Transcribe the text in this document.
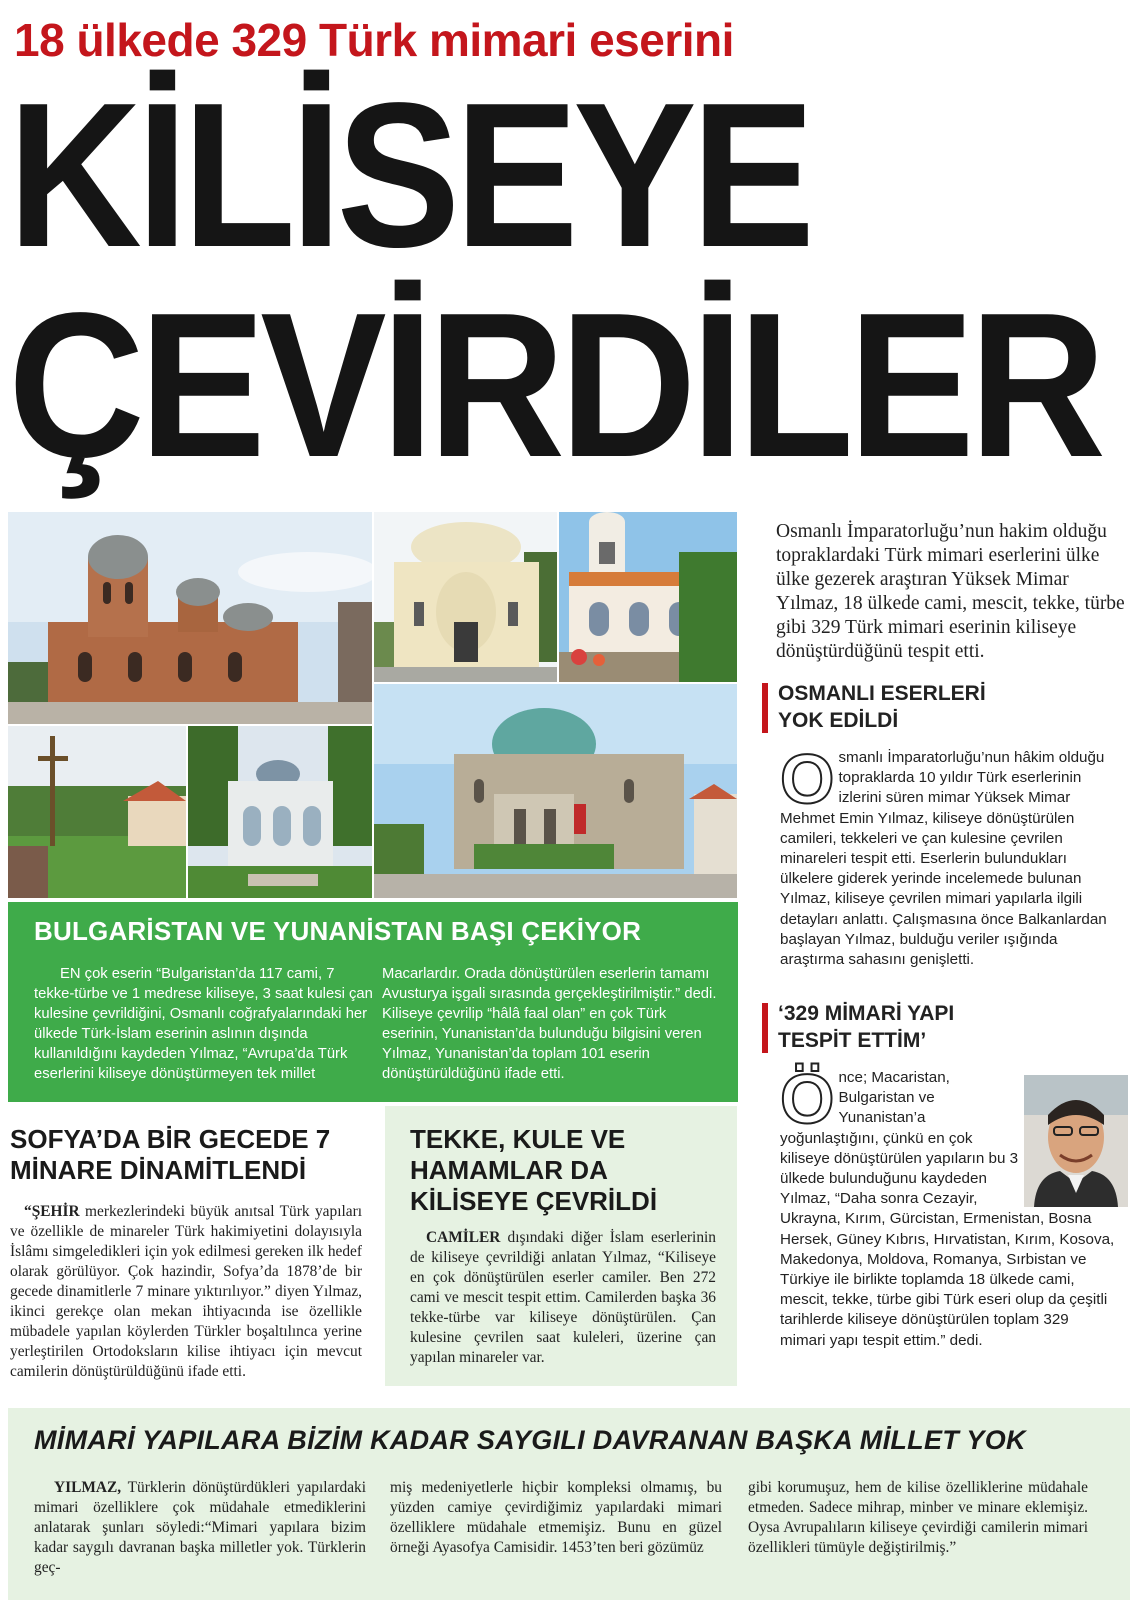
18 ülkede 329 Türk mimari eserini
KİLİSEYE
ÇEVİRDİLER
Osmanlı İmparatorluğu’nun hakim olduğu topraklardaki Türk mimari eserlerini ülke ülke gezerek araştıran Yüksek Mimar Yılmaz, 18 ülkede cami, mescit, tekke, türbe gibi 329 Türk mimari eserinin kiliseye dönüştürdüğünü tespit etti.
OSMANLI ESERLERİ
YOK EDİLDİ
Osmanlı İmparatorluğu’nun hâkim olduğu topraklarda 10 yıldır Türk eserlerinin izlerini süren mimar Yüksek Mimar Mehmet Emin Yılmaz, kiliseye dönüştürülen camileri, tekkeleri ve çan kulesine çevrilen minareleri tespit etti. Eserlerin bulundukları ülkelere giderek yerinde incelemede bulunan Yılmaz, kiliseye çevrilen mimari yapılarla ilgili detayları anlattı. Çalışmasına önce Balkanlardan başlayan Yılmaz, bulduğu veriler ışığında araştırma sahasını genişletti.
‘329 MİMARİ YAPI
TESPİT ETTİM’
Önce; Macaristan, Bulgaristan ve Yunanistan’a yoğunlaştığını, çünkü en çok kiliseye dönüştürülen yapıların bu 3 ülkede bulunduğunu kaydeden Yılmaz, “Daha sonra Cezayir, Ukrayna, Kırım, Gürcistan, Ermenistan, Bosna Hersek, Güney Kıbrıs, Hırvatistan, Kırım, Kosova, Makedonya, Moldova, Romanya, Sırbistan ve Türkiye ile birlikte toplamda 18 ülkede cami, mescit, tekke, türbe gibi Türk eseri olup da çeşitli tarihlerde kiliseye dönüştürülen toplam 329 mimari yapı tespit ettim.” dedi.
BULGARİSTAN VE YUNANİSTAN BAŞI ÇEKİYOR
EN çok eserin “Bulgaristan’da 117 cami, 7 tekke-türbe ve 1 medrese kiliseye, 3 saat kulesi çan kulesine çevrildiğini, Osmanlı coğrafyalarındaki her ülkede Türk-İslam eserinin aslının dışında kullanıldığını kaydeden Yılmaz, “Avrupa’da Türk eserlerini kiliseye dönüştürmeyen tek millet
Macarlardır. Orada dönüştürülen eserlerin tamamı Avusturya işgali sırasında gerçekleştirilmiştir.” dedi. Kiliseye çevrilip “hâlâ faal olan” en çok Türk eserinin, Yunanistan’da bulunduğu bilgisini veren Yılmaz, Yunanistan’da toplam 101 eserin dönüştürüldüğünü ifade etti.
SOFYA’DA BİR GECEDE 7
MİNARE DİNAMİTLENDİ
“ŞEHİR merkezlerindeki büyük anıtsal Türk yapıları ve özellikle de minareler Türk hakimiyetini dolayısıyla İslâmı simgeledikleri için yok edilmesi gereken ilk hedef olarak görülüyor. Çok hazindir, Sofya’da 1878’de bir gecede dinamitlerle 7 minare yıktırılıyor.” diyen Yılmaz, ikinci gerekçe olan mekan ihtiyacında ise özellikle mübadele yapılan köylerden Türkler boşaltılınca yerine yerleştirilen Ortodoksların kilise ihtiyacı için mevcut camilerin dönüştürüldüğünü ifade etti.
TEKKE, KULE VE
HAMAMLAR DA
KİLİSEYE ÇEVRİLDİ
CAMİLER dışındaki diğer İslam eserlerinin de kiliseye çevrildiği anlatan Yılmaz, “Kiliseye en çok dönüştürülen eserler camiler. Ben 272 cami ve mescit tespit ettim. Camilerden başka 36 tekke-türbe var kiliseye dönüştürülen. Çan kulesine çevrilen saat kuleleri, üzerine çan yapılan minareler var.
MİMARİ YAPILARA BİZİM KADAR SAYGILI DAVRANAN BAŞKA MİLLET YOK
YILMAZ, Türklerin dönüştürdükleri yapılardaki mimari özelliklere çok müdahale etmediklerini anlatarak şunları söyledi:“Mimari yapılara bizim kadar saygılı davranan başka milletler yok. Türklerin geç-
miş medeniyetlerle hiçbir kompleksi olmamış, bu yüzden camiye çevirdiğimiz yapılardaki mimari özelliklere müdahale etmemişiz. Bunu en güzel örneği Ayasofya Camisidir. 1453’ten beri gözümüz
gibi korumuşuz, hem de kilise özelliklerine müdahale etmeden. Sadece mihrap, minber ve minare eklemişiz. Oysa Avrupalıların kiliseye çevirdiği camilerin mimari özellikleri tümüyle değiştirilmiş.”
